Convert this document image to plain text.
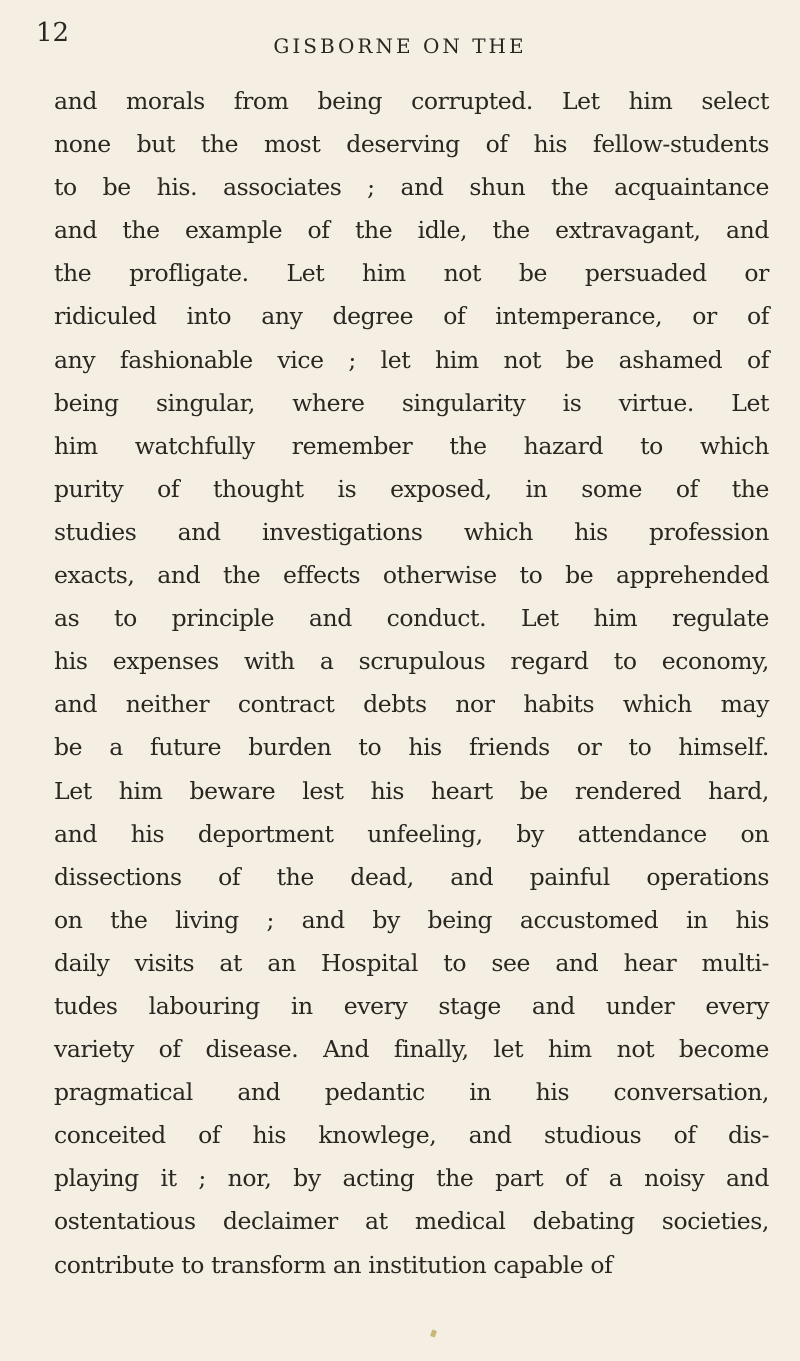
12	GISBORNE ON THE
and morals from being corrupted. Let him select
none but the most deserving of his fellow-students
to be his. associates ; and shun the acquaintance
and the example of the idle, the extravagant, and
the profligate. Let him not be persuaded or
ridiculed into any degree of intemperance, or of
any fashionable vice ; let him not be ashamed of
being singular, where singularity is virtue. Let
him watchfully remember the hazard to which
purity of thought is exposed, in some of the
studies and investigations which his profession
exacts, and the effects otherwise to be apprehended
as to principle and conduct. Let him regulate
his expenses with a scrupulous regard to economy,
and neither contract debts nor habits which may
be a future burden to his friends or to himself.
Let him beware lest his heart be rendered hard,
and his deportment unfeeling, by attendance on
dissections of the dead, and painful operations
on the living ; and by being accustomed in his
daily visits at an Hospital to see and hear multi-
tudes labouring in every stage and under every
variety of disease. And finally, let him not become
pragmatical and pedantic in his conversation,
conceited of his knowlege, and studious of dis-
playing it ; nor, by acting the part of a noisy and
ostentatious declaimer at medical debating societies,
contribute to transform an institution capable of
